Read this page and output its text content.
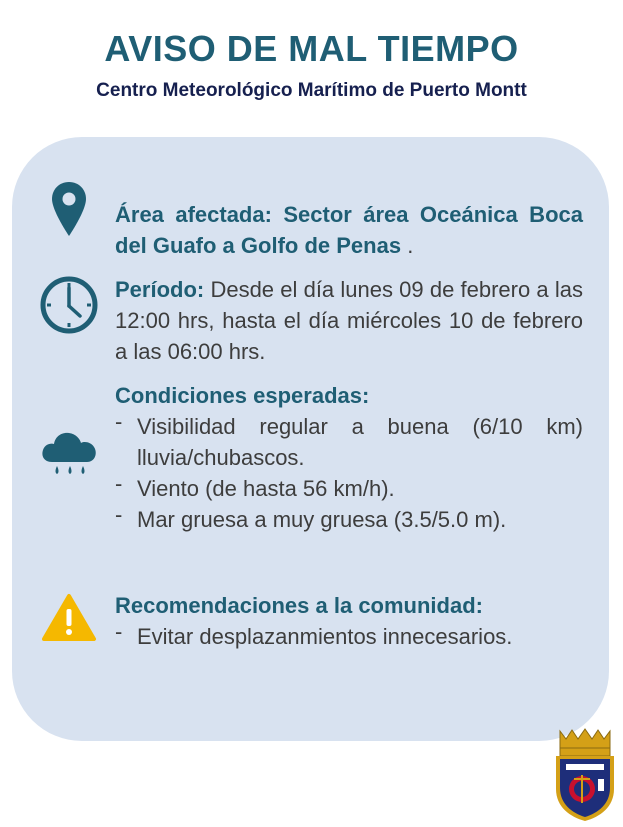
AVISO DE MAL TIEMPO
Centro Meteorológico Marítimo de Puerto Montt
Área afectada: Sector área Oceánica Boca del Guafo a Golfo de Penas .
Período: Desde el día lunes 09 de febrero a las 12:00 hrs, hasta el día miércoles 10 de febrero a las 06:00 hrs.
Condiciones esperadas:
- Visibilidad regular a buena (6/10 km) lluvia/chubascos.
- Viento (de hasta 56 km/h).
- Mar gruesa a muy gruesa (3.5/5.0 m).
Recomendaciones a la comunidad:
- Evitar desplazanmientos innecesarios.
